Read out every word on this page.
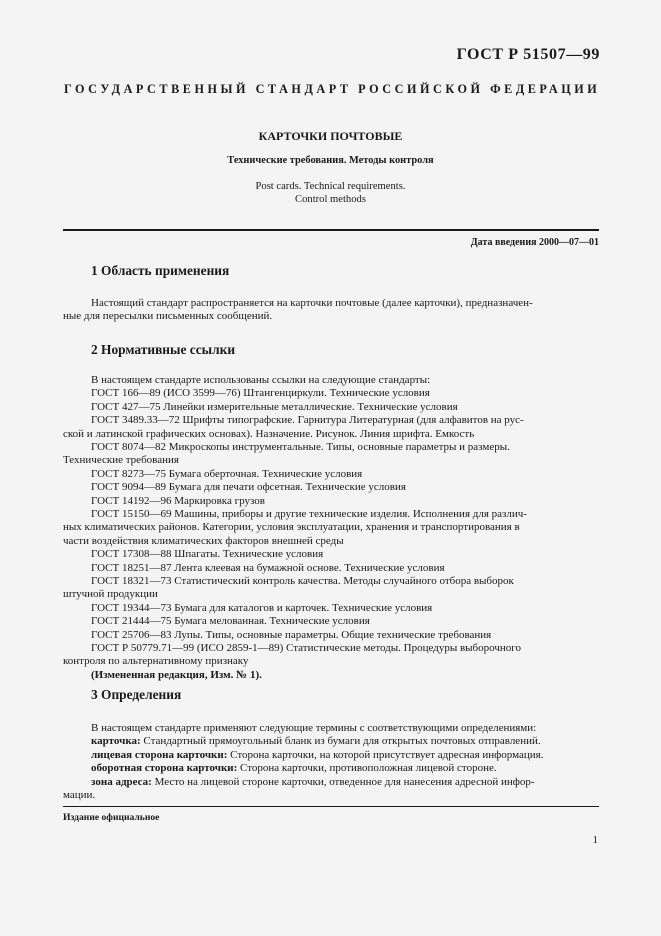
ГОСТ Р 51507—99
ГОСУДАРСТВЕННЫЙ СТАНДАРТ РОССИЙСКОЙ ФЕДЕРАЦИИ
КАРТОЧКИ ПОЧТОВЫЕ
Технические требования. Методы контроля
Post cards. Technical requirements.
Control methods
Дата введения 2000—07—01
1 Область применения
Настоящий стандарт распространяется на карточки почтовые (далее карточки), предназначен-
ные для пересылки письменных сообщений.
2 Нормативные ссылки
В настоящем стандарте использованы ссылки на следующие стандарты:
ГОСТ 166—89 (ИСО 3599—76) Штангенциркули. Технические условия
ГОСТ 427—75 Линейки измерительные металлические. Технические условия
ГОСТ 3489.33—72 Шрифты типографские. Гарнитура Литературная (для алфавитов на рус-
ской и латинской графических основах). Назначение. Рисунок. Линия шрифта. Емкость
ГОСТ 8074—82 Микроскопы инструментальные. Типы, основные параметры и размеры.
Технические требования
ГОСТ 8273—75 Бумага оберточная. Технические условия
ГОСТ 9094—89 Бумага для печати офсетная. Технические условия
ГОСТ 14192—96 Маркировка грузов
ГОСТ 15150—69 Машины, приборы и другие технические изделия. Исполнения для различ-
ных климатических районов. Категории, условия эксплуатации, хранения и транспортирования в
части воздействия климатических факторов внешней среды
ГОСТ 17308—88 Шпагаты. Технические условия
ГОСТ 18251—87 Лента клеевая на бумажной основе. Технические условия
ГОСТ 18321—73 Статистический контроль качества. Методы случайного отбора выборок
штучной продукции
ГОСТ 19344—73 Бумага для каталогов и карточек. Технические условия
ГОСТ 21444—75 Бумага мелованная. Технические условия
ГОСТ 25706—83 Лупы. Типы, основные параметры. Общие технические требования
ГОСТ Р 50779.71—99 (ИСО 2859-1—89) Статистические методы. Процедуры выборочного
контроля по альтернативному признаку
(Измененная редакция, Изм. № 1).
3 Определения
В настоящем стандарте применяют следующие термины с соответствующими определениями:
карточка: Стандартный прямоугольный бланк из бумаги для открытых почтовых отправлений.
лицевая сторона карточки: Сторона карточки, на которой присутствует адресная информация.
оборотная сторона карточки: Сторона карточки, противоположная лицевой стороне.
зона адреса: Место на лицевой стороне карточки, отведенное для нанесения адресной инфор-
мации.
Издание официальное
1
